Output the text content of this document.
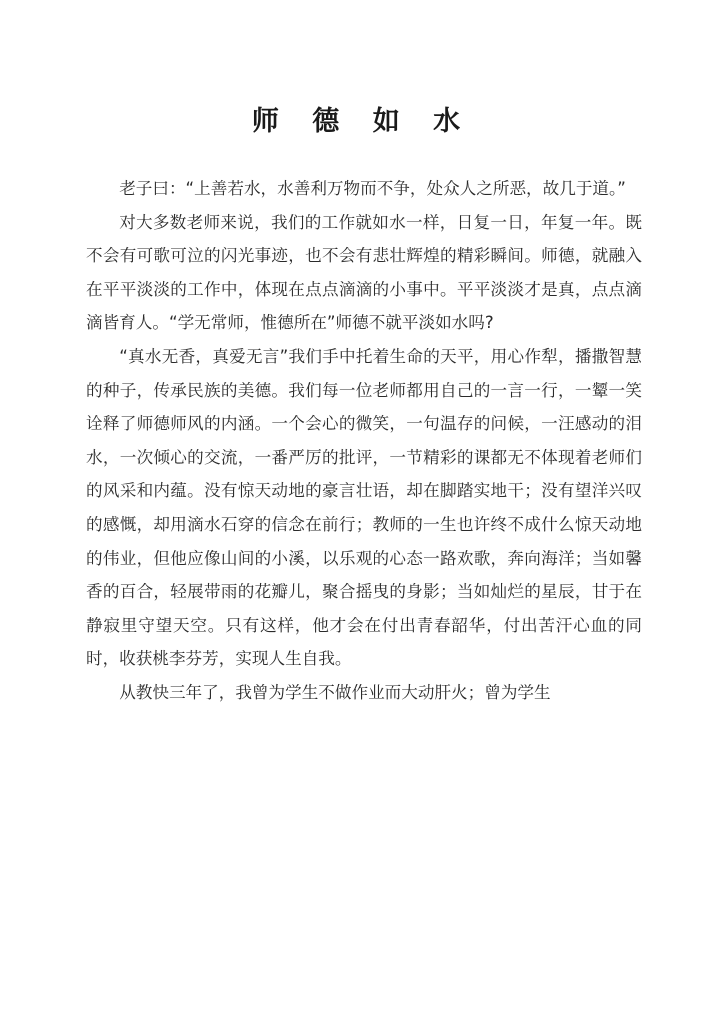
师 德 如 水

老子曰：“上善若水，水善利万物而不争，处众人之所恶，故几于道。”

对大多数老师来说，我们的工作就如水一样，日复一日，年复一年。既不会有可歌可泣的闪光事迹，也不会有悲壮辉煌的精彩瞬间。师德，就融入在平平淡淡的工作中，体现在点点滴滴的小事中。平平淡淡才是真，点点滴滴皆育人。“学无常师，惟德所在”师德不就平淡如水吗?

“真水无香，真爱无言”我们手中托着生命的天平，用心作犁，播撒智慧的种子，传承民族的美德。我们每一位老师都用自己的一言一行，一颦一笑诠释了师德师风的内涵。一个会心的微笑，一句温存的问候，一汪感动的泪水，一次倾心的交流，一番严厉的批评，一节精彩的课都无不体现着老师们的风采和内蕴。没有惊天动地的豪言壮语，却在脚踏实地干；没有望洋兴叹的感慨，却用滴水石穿的信念在前行；教师的一生也许终不成什么惊天动地的伟业，但他应像山间的小溪，以乐观的心态一路欢歌，奔向海洋；当如馨香的百合，轻展带雨的花瓣儿，聚合摇曳的身影；当如灿烂的星辰，甘于在静寂里守望天空。只有这样，他才会在付出青春韶华，付出苦汗心血的同时，收获桃李芬芳，实现人生自我。

从教快三年了，我曾为学生不做作业而大动肝火；曾为学生
